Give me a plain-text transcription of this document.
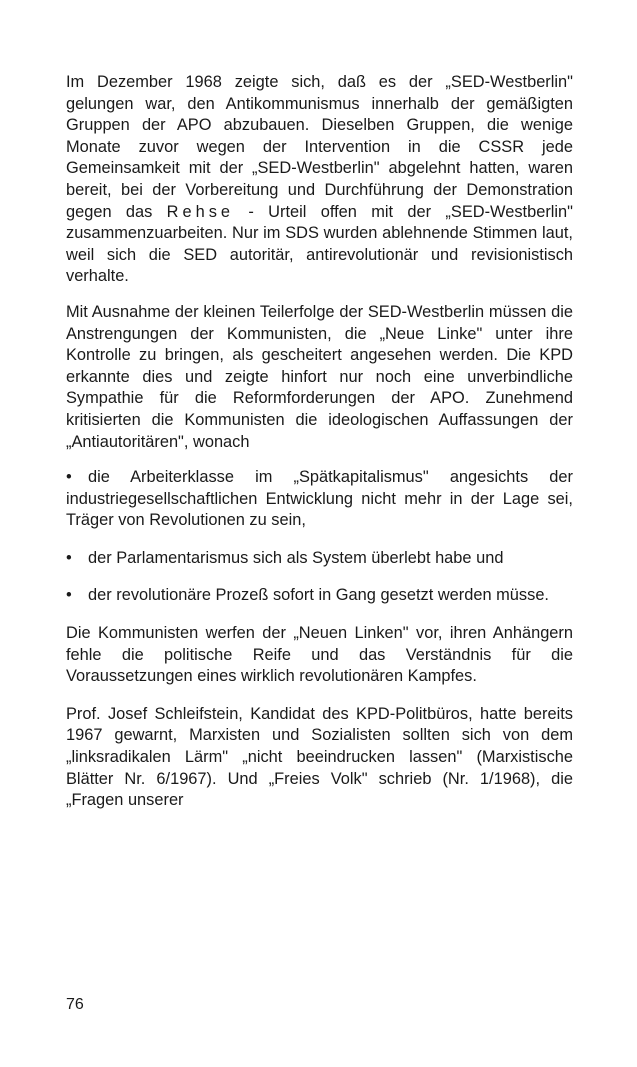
Im Dezember 1968 zeigte sich, daß es der „SED-Westberlin" gelungen war, den Antikommunismus innerhalb der gemäßigten Gruppen der APO abzubauen. Dieselben Gruppen, die wenige Monate zuvor wegen der Intervention in die CSSR jede Gemeinsamkeit mit der „SED-Westberlin" abgelehnt hatten, waren bereit, bei der Vorbereitung und Durchführung der Demonstration gegen das Rehse - Urteil offen mit der „SED-Westberlin" zusammenzuarbeiten. Nur im SDS wurden ablehnende Stimmen laut, weil sich die SED autoritär, antirevolutionär und revisionistisch verhalte.

Mit Ausnahme der kleinen Teilerfolge der SED-Westberlin müssen die Anstrengungen der Kommunisten, die „Neue Linke" unter ihre Kontrolle zu bringen, als gescheitert angesehen werden. Die KPD erkannte dies und zeigte hinfort nur noch eine unverbindliche Sympathie für die Reformforderungen der APO. Zunehmend kritisierten die Kommunisten die ideologischen Auffassungen der „Antiautoritären", wonach

• die Arbeiterklasse im „Spätkapitalismus" angesichts der industriegesellschaftlichen Entwicklung nicht mehr in der Lage sei, Träger von Revolutionen zu sein,

• der Parlamentarismus sich als System überlebt habe und

• der revolutionäre Prozeß sofort in Gang gesetzt werden müsse.

Die Kommunisten werfen der „Neuen Linken" vor, ihren Anhängern fehle die politische Reife und das Verständnis für die Voraussetzungen eines wirklich revolutionären Kampfes.

Prof. Josef Schleifstein, Kandidat des KPD-Politbüros, hatte bereits 1967 gewarnt, Marxisten und Sozialisten sollten sich von dem „linksradikalen Lärm" „nicht beeindrucken lassen" (Marxistische Blätter Nr. 6/1967). Und „Freies Volk" schrieb (Nr. 1/1968), die „Fragen unserer

76
